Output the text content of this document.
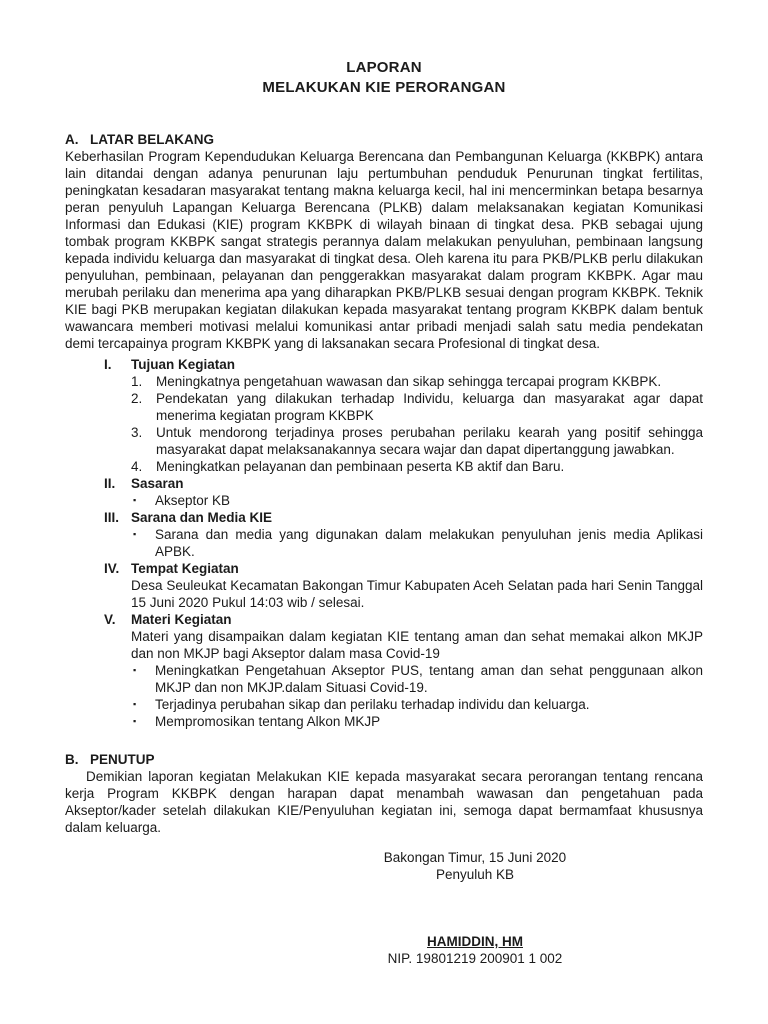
LAPORAN
MELAKUKAN KIE PERORANGAN
A. LATAR BELAKANG
Keberhasilan Program Kependudukan Keluarga Berencana dan Pembangunan Keluarga (KKBPK) antara lain ditandai dengan adanya penurunan laju pertumbuhan penduduk Penurunan tingkat fertilitas, peningkatan kesadaran masyarakat tentang makna keluarga kecil, hal ini mencerminkan betapa besarnya peran penyuluh Lapangan Keluarga Berencana (PLKB) dalam melaksanakan kegiatan Komunikasi Informasi dan Edukasi (KIE) program KKBPK di wilayah binaan di tingkat desa. PKB sebagai ujung tombak program KKBPK sangat strategis perannya dalam melakukan penyuluhan, pembinaan langsung kepada individu keluarga dan masyarakat di tingkat desa. Oleh karena itu para PKB/PLKB perlu dilakukan penyuluhan, pembinaan, pelayanan dan penggerakkan masyarakat dalam program KKBPK. Agar mau merubah perilaku dan menerima apa yang diharapkan PKB/PLKB sesuai dengan program KKBPK. Teknik KIE bagi PKB merupakan kegiatan dilakukan kepada masyarakat tentang program KKBPK dalam bentuk wawancara memberi motivasi melalui komunikasi antar pribadi menjadi salah satu media pendekatan demi tercapainya program KKBPK yang di laksanakan secara Profesional di tingkat desa.
I.	Tujuan Kegiatan
1.	Meningkatnya pengetahuan wawasan dan sikap sehingga tercapai program KKBPK.
2.	Pendekatan yang dilakukan terhadap Individu, keluarga dan masyarakat agar dapat menerima kegiatan program KKBPK
3.	Untuk mendorong terjadinya proses perubahan perilaku kearah yang positif sehingga masyarakat dapat melaksanakannya secara wajar dan dapat dipertanggung jawabkan.
4.	Meningkatkan pelayanan dan pembinaan peserta KB aktif dan Baru.
II.	Sasaran
▪	Akseptor KB
III. Sarana dan Media KIE
▪	Sarana dan media yang digunakan dalam melakukan penyuluhan jenis media Aplikasi APBK.
IV. Tempat Kegiatan
Desa Seuleukat Kecamatan Bakongan Timur Kabupaten Aceh Selatan pada hari Senin Tanggal 15 Juni 2020 Pukul 14:03 wib / selesai.
V.	Materi Kegiatan
Materi yang disampaikan dalam kegiatan KIE tentang aman dan sehat memakai alkon MKJP dan non MKJP bagi Akseptor dalam masa Covid-19
▪	Meningkatkan Pengetahuan Akseptor PUS, tentang aman dan sehat penggunaan alkon MKJP dan non MKJP.dalam Situasi Covid-19.
▪	Terjadinya perubahan sikap dan perilaku terhadap individu dan keluarga.
▪	Mempromosikan tentang Alkon MKJP
B. PENUTUP
Demikian laporan kegiatan Melakukan KIE kepada masyarakat secara perorangan tentang rencana kerja Program KKBPK dengan harapan dapat menambah wawasan dan pengetahuan pada Akseptor/kader setelah dilakukan KIE/Penyuluhan kegiatan ini, semoga dapat bermamfaat khususnya dalam keluarga.
Bakongan Timur, 15 Juni 2020
Penyuluh KB
HAMIDDIN, HM
NIP. 19801219 200901 1 002
